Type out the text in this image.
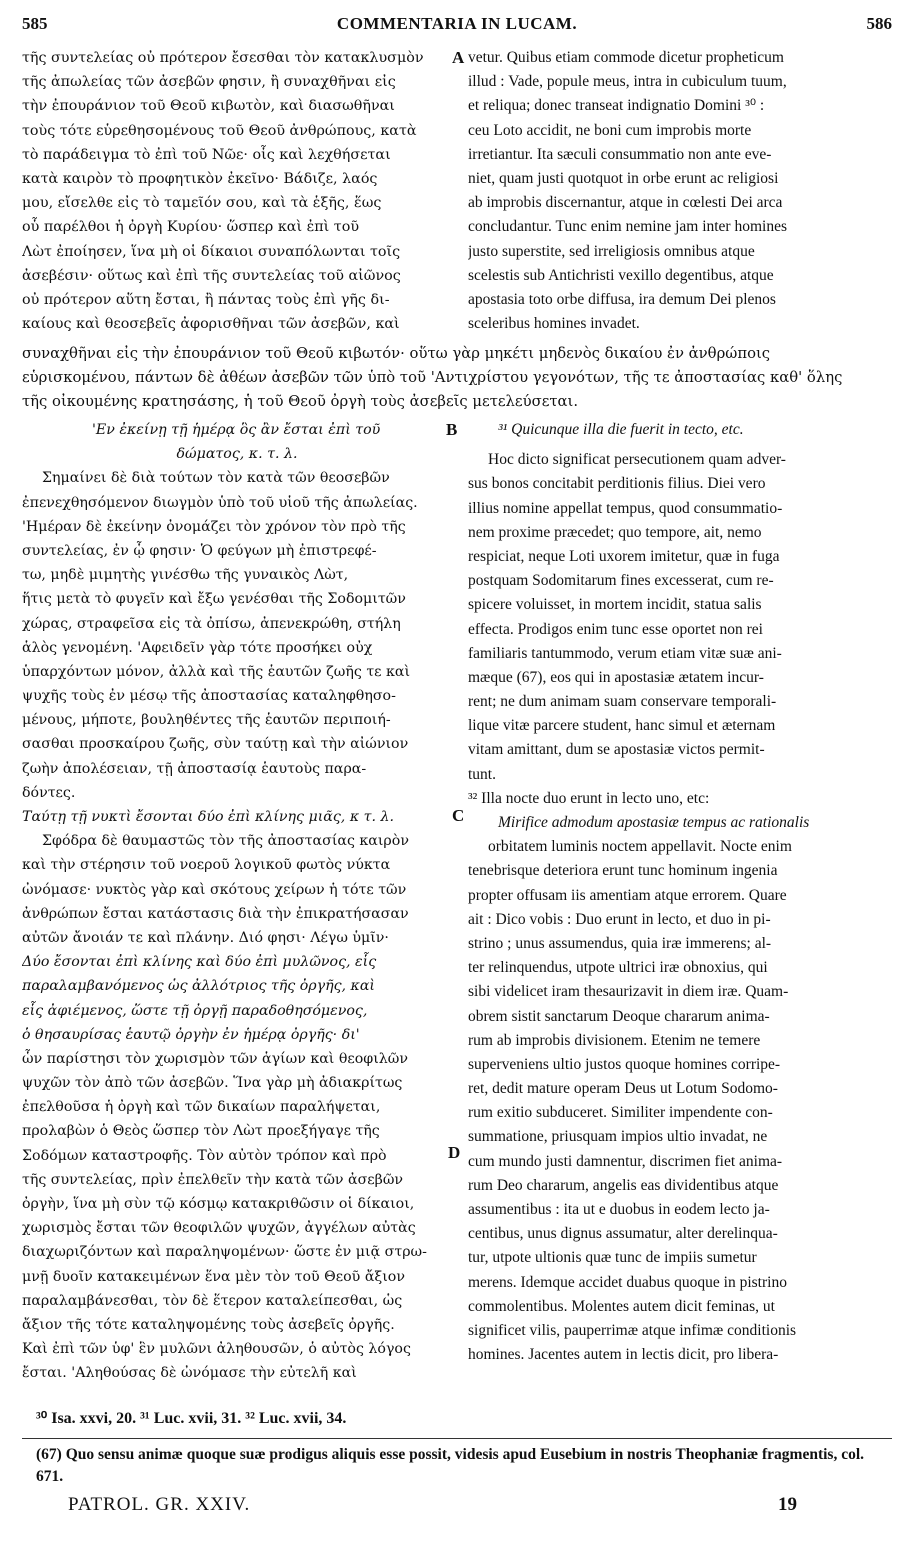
585	COMMENTARIA IN LUCAM.	586
A
B
C
D
τῆς συντελείας οὐ πρότερον ἔσεσθαι τὸν κατακλυσμὸν
τῆς ἀπωλείας τῶν ἀσεβῶν φησιν, ἢ συναχθῆναι εἰς
τὴν ἐπουράνιον τοῦ Θεοῦ κιβωτὸν, καὶ διασωθῆναι
τοὺς τότε εὑρεθησομένους τοῦ Θεοῦ ἀνθρώπους, κατὰ
τὸ παράδειγμα τὸ ἐπὶ τοῦ Νῶε· οἷς καὶ λεχθήσεται
κατὰ καιρὸν τὸ προφητικὸν ἐκεῖνο· Βάδιζε, λαός
μου, εἴσελθε εἰς τὸ ταμεῖόν σου, καὶ τὰ ἑξῆς, ἕως
οὗ παρέλθοι ἡ ὀργὴ Κυρίου· ὥσπερ καὶ ἐπὶ τοῦ
Λὼτ ἐποίησεν, ἵνα μὴ οἱ δίκαιοι συναπόλωνται τοῖς
ἀσεβέσιν· οὕτως καὶ ἐπὶ τῆς συντελείας τοῦ αἰῶνος
οὐ πρότερον αὕτη ἔσται, ἢ πάντας τοὺς ἐπὶ γῆς δι-
καίους καὶ θεοσεβεῖς ἀφορισθῆναι τῶν ἀσεβῶν, καὶ
vetur. Quibus etiam commode dicetur propheticum
illud : Vade, popule meus, intra in cubiculum tuum,
et reliqua; donec transeat indignatio Domini ³⁰ :
ceu Loto accidit, ne boni cum improbis morte
irretiantur. Ita sæculi consummatio non ante eve-
niet, quam justi quotquot in orbe erunt ac religiosi
ab improbis discernantur, atque in cœlesti Dei arca
concludantur. Tunc enim nemine jam inter homines
justo superstite, sed irreligiosis omnibus atque
scelestis sub Antichristi vexillo degentibus, atque
apostasia toto orbe diffusa, ira demum Dei plenos
sceleribus homines invadet.
συναχθῆναι εἰς τὴν ἐπουράνιον τοῦ Θεοῦ κιβωτόν· οὕτω γὰρ μηκέτι μηδενὸς δικαίου ἐν ἀνθρώποις
εὑρισκομένου, πάντων δὲ ἀθέων ἀσεβῶν τῶν ὑπὸ τοῦ 'Αντιχρίστου γεγονότων, τῆς τε ἀποστασίας καθ' ὅλης
τῆς οἰκουμένης κρατησάσης, ἡ τοῦ Θεοῦ ὀργὴ τοὺς ἀσεβεῖς μετελεύσεται.
'Εν ἐκείνῃ τῇ ἡμέρᾳ ὃς ἂν ἔσται ἐπὶ τοῦ
δώματος, κ. τ. λ.
Σημαίνει δὲ διὰ τούτων τὸν κατὰ τῶν θεοσεβῶν
ἐπενεχθησόμενον διωγμὸν ὑπὸ τοῦ υἱοῦ τῆς ἀπωλείας.
'Ημέραν δὲ ἐκείνην ὀνομάζει τὸν χρόνον τὸν πρὸ τῆς
συντελείας, ἐν ᾧ φησιν· Ὁ φεύγων μὴ ἐπιστρεφέ-
τω, μηδὲ μιμητὴς γινέσθω τῆς γυναικὸς Λὼτ,
ἥτις μετὰ τὸ φυγεῖν καὶ ἔξω γενέσθαι τῆς Σοδομιτῶν
χώρας, στραφεῖσα εἰς τὰ ὀπίσω, ἀπενεκρώθη, στήλη
ἁλὸς γενομένη. 'Αφειδεῖν γὰρ τότε προσήκει οὐχ
ὑπαρχόντων μόνον, ἀλλὰ καὶ τῆς ἑαυτῶν ζωῆς τε καὶ
ψυχῆς τοὺς ἐν μέσῳ τῆς ἀποστασίας καταληφθησο-
μένους, μήποτε, βουληθέντες τῆς ἑαυτῶν περιποιή-
σασθαι προσκαίρου ζωῆς, σὺν ταύτῃ καὶ τὴν αἰώνιον
ζωὴν ἀπολέσειαν, τῇ ἀποστασίᾳ ἑαυτοὺς παρα-
δόντες.
Ταύτῃ τῇ νυκτὶ ἔσονται δύο ἐπὶ κλίνης μιᾶς, κ τ. λ.
Σφόδρα δὲ θαυμαστῶς τὸν τῆς ἀποστασίας καιρὸν
καὶ τὴν στέρησιν τοῦ νοεροῦ λογικοῦ φωτὸς νύκτα
ὠνόμασε· νυκτὸς γὰρ καὶ σκότους χείρων ἡ τότε τῶν
ἀνθρώπων ἔσται κατάστασις διὰ τὴν ἐπικρατήσασαν
αὐτῶν ἄνοιάν τε καὶ πλάνην. Διό φησι· Λέγω ὑμῖν·
Δύο ἔσονται ἐπὶ κλίνης καὶ δύο ἐπὶ μυλῶνος, εἷς
παραλαμβανόμενος ὡς ἀλλότριος τῆς ὀργῆς, καὶ
εἷς ἀφιέμενος, ὥστε τῇ ὀργῇ παραδοθησόμενος,
ὁ θησαυρίσας ἑαυτῷ ὀργὴν ἐν ἡμέρᾳ ὀργῆς· δι'
ὧν παρίστησι τὸν χωρισμὸν τῶν ἁγίων καὶ θεοφιλῶν
ψυχῶν τὸν ἀπὸ τῶν ἀσεβῶν. Ἵνα γὰρ μὴ ἀδιακρίτως
ἐπελθοῦσα ἡ ὀργὴ καὶ τῶν δικαίων παραλήψεται,
προλαβὼν ὁ Θεὸς ὥσπερ τὸν Λὼτ προεξήγαγε τῆς
Σοδόμων καταστροφῆς. Τὸν αὐτὸν τρόπον καὶ πρὸ
τῆς συντελείας, πρὶν ἐπελθεῖν τὴν κατὰ τῶν ἀσεβῶν
ὀργὴν, ἵνα μὴ σὺν τῷ κόσμῳ κατακριθῶσιν οἱ δίκαιοι,
χωρισμὸς ἔσται τῶν θεοφιλῶν ψυχῶν, ἀγγέλων αὐτὰς
διαχωριζόντων καὶ παραληψομένων· ὥστε ἐν μιᾷ στρω-
μνῇ δυοῖν κατακειμένων ἕνα μὲν τὸν τοῦ Θεοῦ ἄξιον
παραλαμβάνεσθαι, τὸν δὲ ἕτερον καταλείπεσθαι, ὡς
ἄξιον τῆς τότε καταληψομένης τοὺς ἀσεβεῖς ὀργῆς.
Καὶ ἐπὶ τῶν ὑφ' ἓν μυλῶνι ἀληθουσῶν, ὁ αὐτὸς λόγος
ἔσται. 'Αληθούσας δὲ ὠνόμασε τὴν εὐτελῆ καὶ
³¹ Quicunque illa die fuerit in tecto, etc.
Hoc dicto significat persecutionem quam adver-
sus bonos concitabit perditionis filius. Diei vero
illius nomine appellat tempus, quod consummatio-
nem proxime præcedet; quo tempore, ait, nemo
respiciat, neque Loti uxorem imitetur, quæ in fuga
postquam Sodomitarum fines excesserat, cum re-
spicere voluisset, in mortem incidit, statua salis
effecta. Prodigos enim tunc esse oportet non rei
familiaris tantummodo, verum etiam vitæ suæ ani-
mæque (67), eos qui in apostasiæ ætatem incur-
rent; ne dum animam suam conservare temporali-
lique vitæ parcere student, hanc simul et æternam
vitam amittant, dum se apostasiæ victos permit-
tunt.
³² Illa nocte duo erunt in lecto uno, etc:
Mirifice admodum apostasiæ tempus ac rationalis
orbitatem luminis noctem appellavit. Nocte enim
tenebrisque deteriora erunt tunc hominum ingenia
propter offusam iis amentiam atque errorem. Quare
ait : Dico vobis : Duo erunt in lecto, et duo in pi-
strino ; unus assumendus, quia iræ immerens; al-
ter relinquendus, utpote ultrici iræ obnoxius, qui
sibi videlicet iram thesaurizavit in diem iræ. Quam-
obrem sistit sanctarum Deoque chararum anima-
rum ab improbis divisionem. Etenim ne temere
superveniens ultio justos quoque homines corripe-
ret, dedit mature operam Deus ut Lotum Sodomo-
rum exitio subduceret. Similiter impendente con-
summatione, priusquam impios ultio invadat, ne
cum mundo justi damnentur, discrimen fiet anima-
rum Deo chararum, angelis eas dividentibus atque
assumentibus : ita ut e duobus in eodem lecto ja-
centibus, unus dignus assumatur, alter derelinqua-
tur, utpote ultionis quæ tunc de impiis sumetur
merens. Idemque accidet duabus quoque in pistrino
commolentibus. Molentes autem dicit feminas, ut
significet vilis, pauperrimæ atque infimæ conditionis
homines. Jacentes autem in lectis dicit, pro libera-
³⁰ Isa. xxvi, 20. ³¹ Luc. xvii, 31. ³² Luc. xvii, 34.
(67) Quo sensu animæ quoque suæ prodigus aliquis esse possit, videsis apud Eusebium in nostris Theophaniæ fragmentis, col. 671.
PATROL. GR. XXIV.	19
